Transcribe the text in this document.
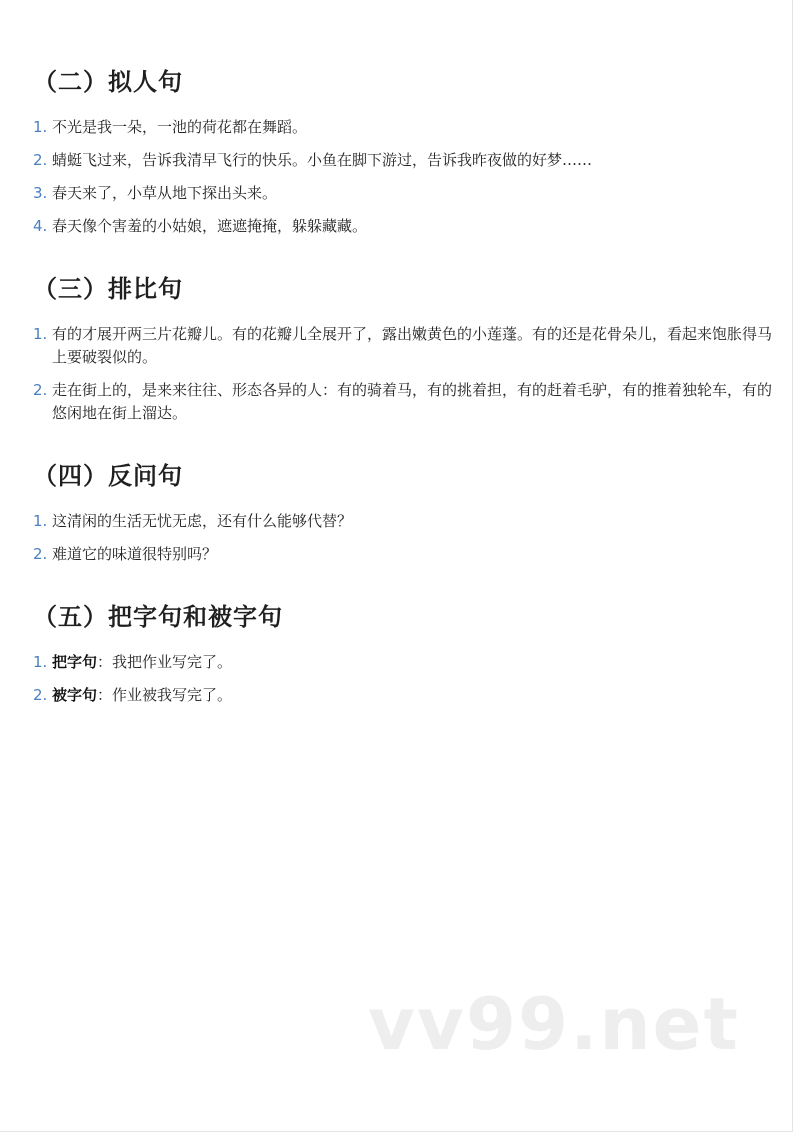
（二）拟人句
1. 不光是我一朵，一池的荷花都在舞蹈。
2. 蜻蜓飞过来，告诉我清早飞行的快乐。小鱼在脚下游过，告诉我昨夜做的好梦……
3. 春天来了，小草从地下探出头来。
4. 春天像个害羞的小姑娘，遮遮掩掩，躲躲藏藏。
（三）排比句
1. 有的才展开两三片花瓣儿。有的花瓣儿全展开了，露出嫩黄色的小莲蓬。有的还是花骨朵儿，看起来饱胀得马上要破裂似的。
2. 走在街上的，是来来往往、形态各异的人：有的骑着马，有的挑着担，有的赶着毛驴，有的推着独轮车，有的悠闲地在街上溜达。
（四）反问句
1. 这清闲的生活无忧无虑，还有什么能够代替？
2. 难道它的味道很特别吗？
（五）把字句和被字句
1. 把字句：我把作业写完了。
2. 被字句：作业被我写完了。
vv99.net
